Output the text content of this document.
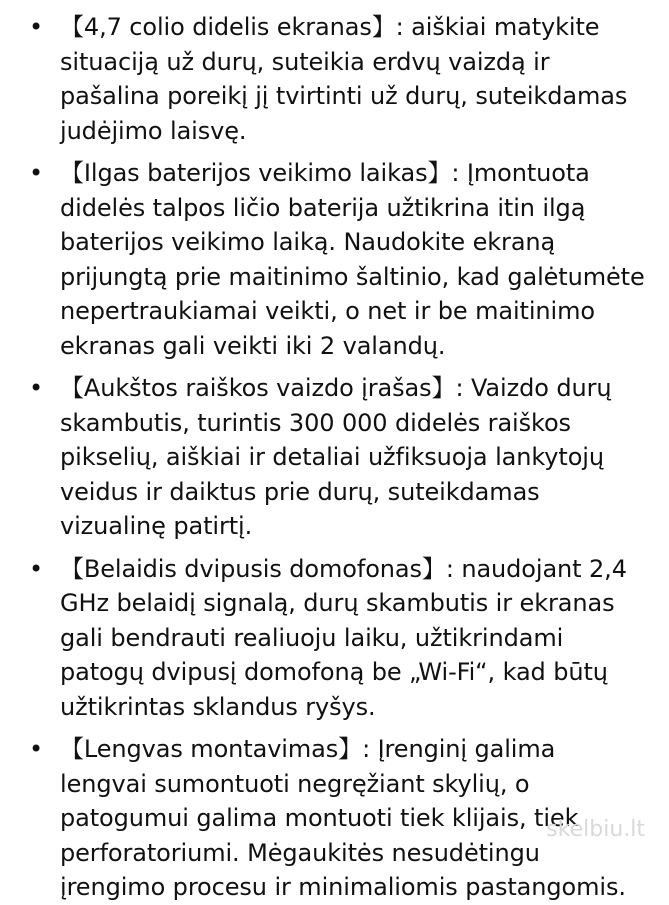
• 【4,7 colio didelis ekranas】: aiškiai matykite situaciją už durų, suteikia erdvų vaizdą ir pašalina poreikį jį tvirtinti už durų, suteikdamas judėjimo laisvę.
• 【Ilgas baterijos veikimo laikas】: Įmontuota didelės talpos ličio baterija užtikrina itin ilgą baterijos veikimo laiką. Naudokite ekraną prijungtą prie maitinimo šaltinio, kad galėtumėte nepertraukiamai veikti, o net ir be maitinimo ekranas gali veikti iki 2 valandų.
• 【Aukštos raiškos vaizdo įrašas】: Vaizdo durų skambutis, turintis 300 000 didelės raiškos pikselių, aiškiai ir detaliai užfiksuoja lankytojų veidus ir daiktus prie durų, suteikdamas vizualinę patirtį.
• 【Belaidis dvipusis domofonas】: naudojant 2,4 GHz belaidį signalą, durų skambutis ir ekranas gali bendrauti realiuoju laiku, užtikrindami patogų dvipusį domofoną be „Wi-Fi“, kad būtų užtikrintas sklandus ryšys.
• 【Lengvas montavimas】: Įrenginį galima lengvai sumontuoti negręžiant skylių, o patogumui galima montuoti tiek klijais, tiek perforatoriumi. Mėgaukitės nesudėtingu įrengimo procesu ir minimaliomis pastangomis.
skelbiu.lt
